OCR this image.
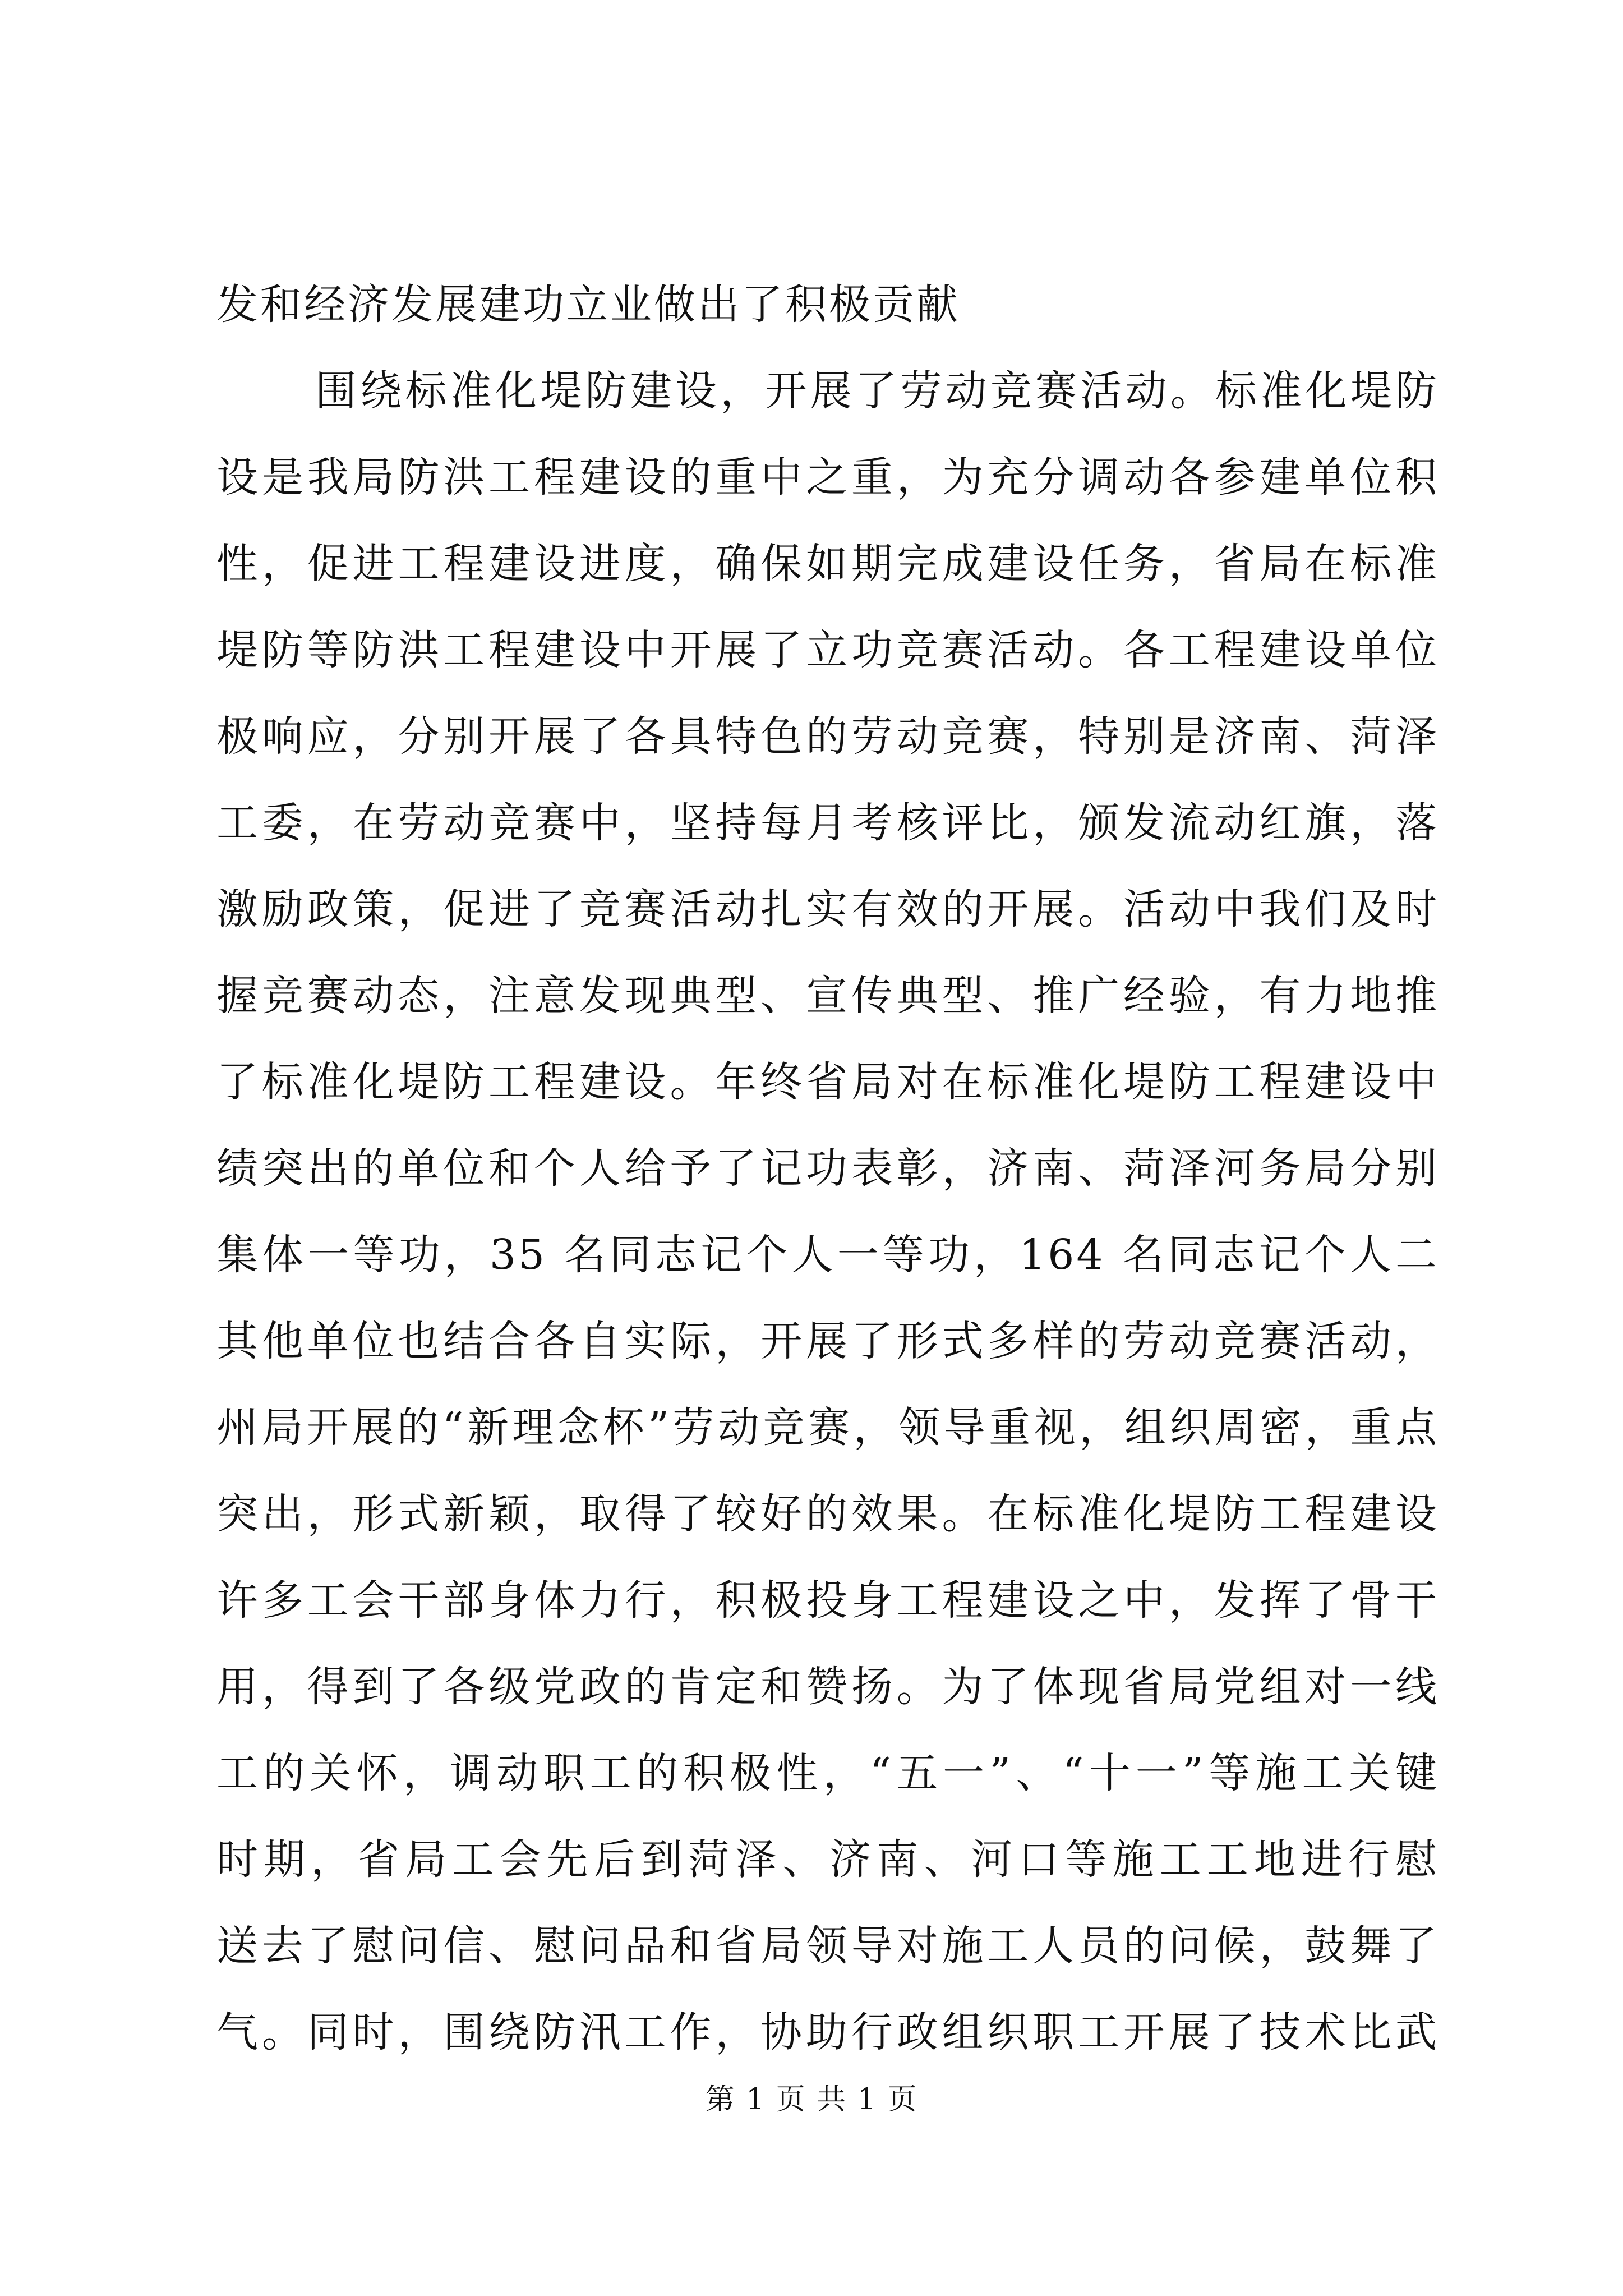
发和经济发展建功立业做出了积极贡献
围绕标准化堤防建设，开展了劳动竞赛活动。标准化堤防
设是我局防洪工程建设的重中之重，为充分调动各参建单位积
性，促进工程建设进度，确保如期完成建设任务，省局在标准
堤防等防洪工程建设中开展了立功竞赛活动。各工程建设单位
极响应，分别开展了各具特色的劳动竞赛，特别是济南、菏泽
工委，在劳动竞赛中，坚持每月考核评比，颁发流动红旗，落
激励政策，促进了竞赛活动扎实有效的开展。活动中我们及时
握竞赛动态，注意发现典型、宣传典型、推广经验，有力地推
了标准化堤防工程建设。年终省局对在标准化堤防工程建设中
绩突出的单位和个人给予了记功表彰，济南、菏泽河务局分别
集体一等功，35 名同志记个人一等功，164 名同志记个人二
其他单位也结合各自实际，开展了形式多样的劳动竞赛活动，
州局开展的“新理念杯”劳动竞赛，领导重视，组织周密，重点
突出，形式新颖，取得了较好的效果。在标准化堤防工程建设
许多工会干部身体力行，积极投身工程建设之中，发挥了骨干
用，得到了各级党政的肯定和赞扬。为了体现省局党组对一线
工的关怀，调动职工的积极性，“五一”、“十一”等施工关键
时期，省局工会先后到菏泽、济南、河口等施工工地进行慰
送去了慰问信、慰问品和省局领导对施工人员的问候，鼓舞了
气。同时，围绕防汛工作，协助行政组织职工开展了技术比武
第 1 页 共 1 页
